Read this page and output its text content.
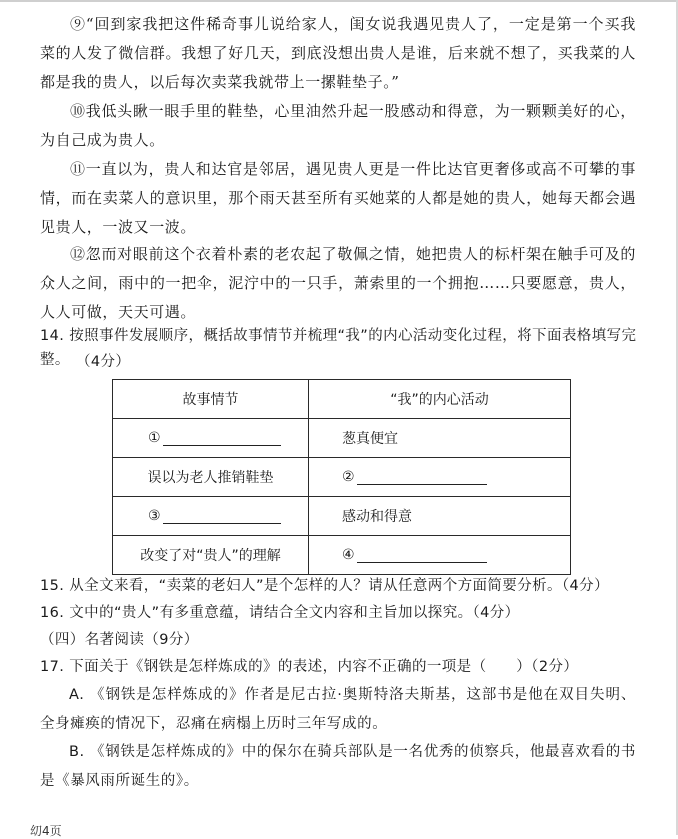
⑨“回到家我把这件稀奇事儿说给家人，闺女说我遇见贵人了，一定是第一个买我菜的人发了微信群。我想了好几天，到底没想出贵人是谁，后来就不想了，买我菜的人都是我的贵人，以后每次卖菜我就带上一摞鞋垫子。”

⑩我低头瞅一眼手里的鞋垫，心里油然升起一股感动和得意，为一颗颗美好的心，为自己成为贵人。

⑪一直以为，贵人和达官是邻居，遇见贵人更是一件比达官更奢侈或高不可攀的事情，而在卖菜人的意识里，那个雨天甚至所有买她菜的人都是她的贵人，她每天都会遇见贵人，一波又一波。

⑫忽而对眼前这个衣着朴素的老农起了敬佩之情，她把贵人的标杆架在触手可及的众人之间，雨中的一把伞，泥泞中的一只手，萧索里的一个拥抱……只要愿意，贵人，人人可做，天天可遇。

14. 按照事件发展顺序，概括故事情节并梳理“我”的内心活动变化过程，将下面表格填写完整。 （4分）

故事情节	“我”的内心活动

①	葱真便宜

误以为老人推销鞋垫	②

③	感动和得意

改变了对“贵人”的理解	④

15. 从全文来看，“卖菜的老妇人”是个怎样的人？请从任意两个方面简要分析。（4分）

16. 文中的“贵人”有多重意蕴，请结合全文内容和主旨加以探究。（4分）

（四）名著阅读（9分）

17. 下面关于《钢铁是怎样炼成的》的表述，内容不正确的一项是（　　）（2分）

A. 《钢铁是怎样炼成的》作者是尼古拉·奥斯特洛夫斯基，这部书是他在双目失明、全身瘫痪的情况下，忍痛在病榻上历时三年写成的。

B. 《钢铁是怎样炼成的》中的保尔在骑兵部队是一名优秀的侦察兵，他最喜欢看的书是《暴风雨所诞生的》。

㓜4页
